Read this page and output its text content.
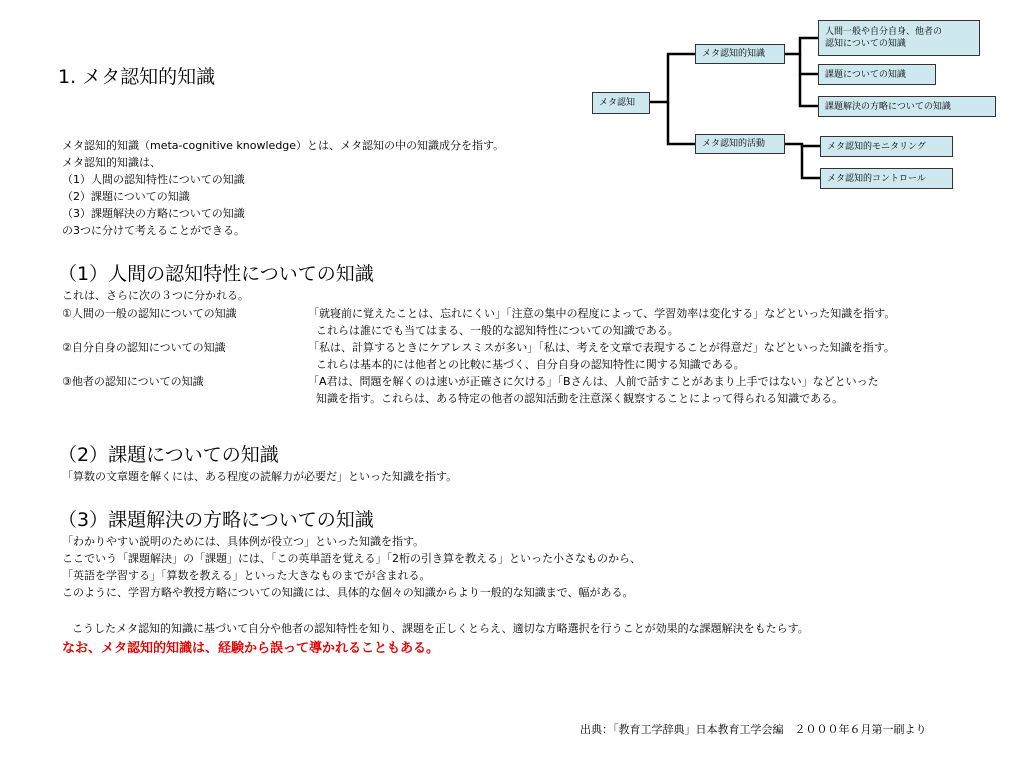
メタ認知
メタ認知的知識
メタ認知的活動
人間一般や自分自身、他者の
認知についての知識
課題についての知識
課題解決の方略についての知識
メタ認知的モニタリング
メタ認知的コントロール
1. メタ認知的知識
メタ認知的知識（meta-cognitive knowledge）とは、メタ認知の中の知識成分を指す。
メタ認知的知識は、
（1）人間の認知特性についての知識
（2）課題についての知識
（3）課題解決の方略についての知識
の3つに分けて考えることができる。
（1）人間の認知特性についての知識
これは、さらに次の３つに分かれる。
①人間の一般の認知についての知識	「就寝前に覚えたことは、忘れにくい」「注意の集中の程度によって、学習効率は変化する」などといった知識を指す。
これらは誰にでも当てはまる、一般的な認知特性についての知識である。
②自分自身の認知についての知識	「私は、計算するときにケアレスミスが多い」「私は、考えを文章で表現することが得意だ」などといった知識を指す。
これらは基本的には他者との比較に基づく、自分自身の認知特性に関する知識である。
③他者の認知についての知識	「A君は、問題を解くのは速いが正確さに欠ける」「Bさんは、人前で話すことがあまり上手ではない」などといった
知識を指す。これらは、ある特定の他者の認知活動を注意深く観察することによって得られる知識である。
（2）課題についての知識
「算数の文章題を解くには、ある程度の読解力が必要だ」といった知識を指す。
（3）課題解決の方略についての知識
「わかりやすい説明のためには、具体例が役立つ」といった知識を指す。
ここでいう「課題解決」の「課題」には、「この英単語を覚える」「2桁の引き算を教える」といった小さなものから、
「英語を学習する」「算数を教える」といった大きなものまでが含まれる。
このように、学習方略や教授方略についての知識には、具体的な個々の知識からより一般的な知識まで、幅がある。
こうしたメタ認知的知識に基づいて自分や他者の認知特性を知り、課題を正しくとらえ、適切な方略選択を行うことが効果的な課題解決をもたらす。
なお、メタ認知的知識は、経験から誤って導かれることもある。
出典：「教育工学辞典」日本教育工学会編　２０００年６月第一刷より
